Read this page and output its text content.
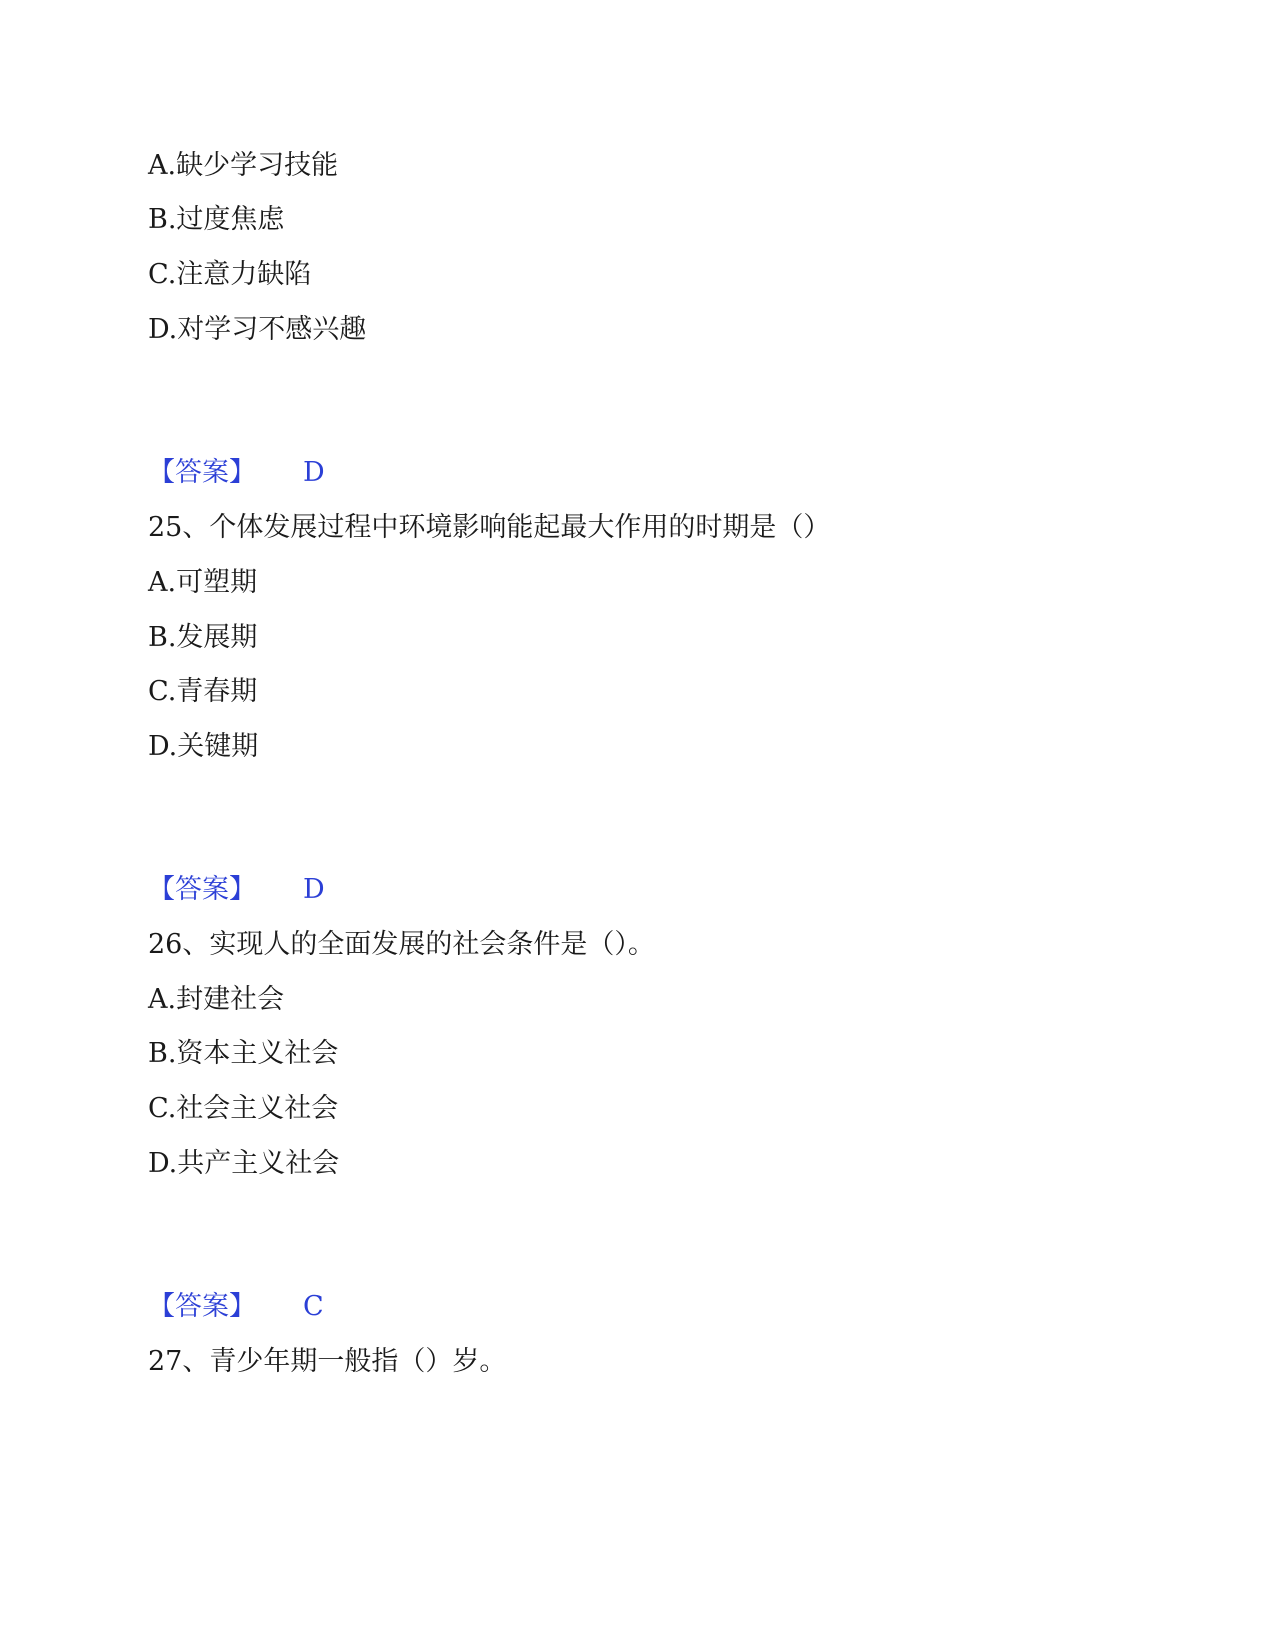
A.缺少学习技能
B.过度焦虑
C.注意力缺陷
D.对学习不感兴趣
【答案】 D
25、个体发展过程中环境影响能起最大作用的时期是（）
A.可塑期
B.发展期
C.青春期
D.关键期
【答案】 D
26、实现人的全面发展的社会条件是（）。
A.封建社会
B.资本主义社会
C.社会主义社会
D.共产主义社会
【答案】 C
27、青少年期一般指（）岁。
